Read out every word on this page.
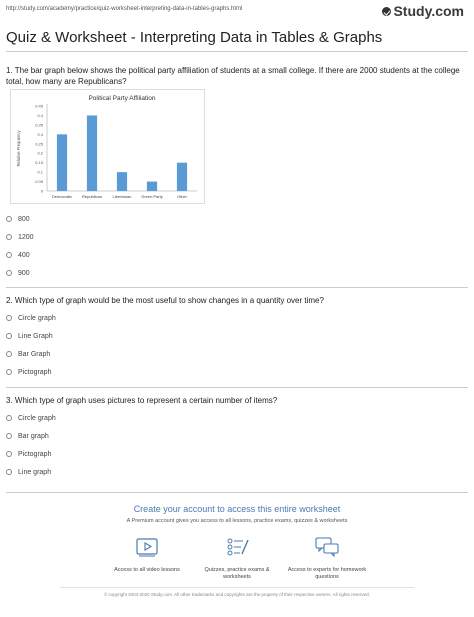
http://study.com/academy/practice/quiz-worksheet-interpreting-data-in-tables-graphs.html	Study.com
Quiz & Worksheet - Interpreting Data in Tables & Graphs
1. The bar graph below shows the political party affiliation of students at a small college. If there are 2000 students at the college total, how many are Republicans?
Political Party Affiliation
Relative Frequency
0
0.05
0.1
0.15
0.2
0.25
0.3
0.35
0.4
0.45
Democratic Republican	Libertarian Green Party	Other
800
1200
400
900
2. Which type of graph would be the most useful to show changes in a quantity over time?
Circle graph
Line Graph
Bar Graph
Pictograph
3. Which type of graph uses pictures to represent a certain number of items?
Circle graph
Bar graph
Pictograph
Line graph
Create your account to access this entire worksheet
A Premium account gives you access to all lessons, practice exams, quizzes & worksheets
Access to all video lessons	Quizzes, practice exams & worksheets
Access to experts for homework questions
© copyright 2003-2020 Study.com. All other trademarks and copyrights are the property of their respective owners. All rights reserved.
